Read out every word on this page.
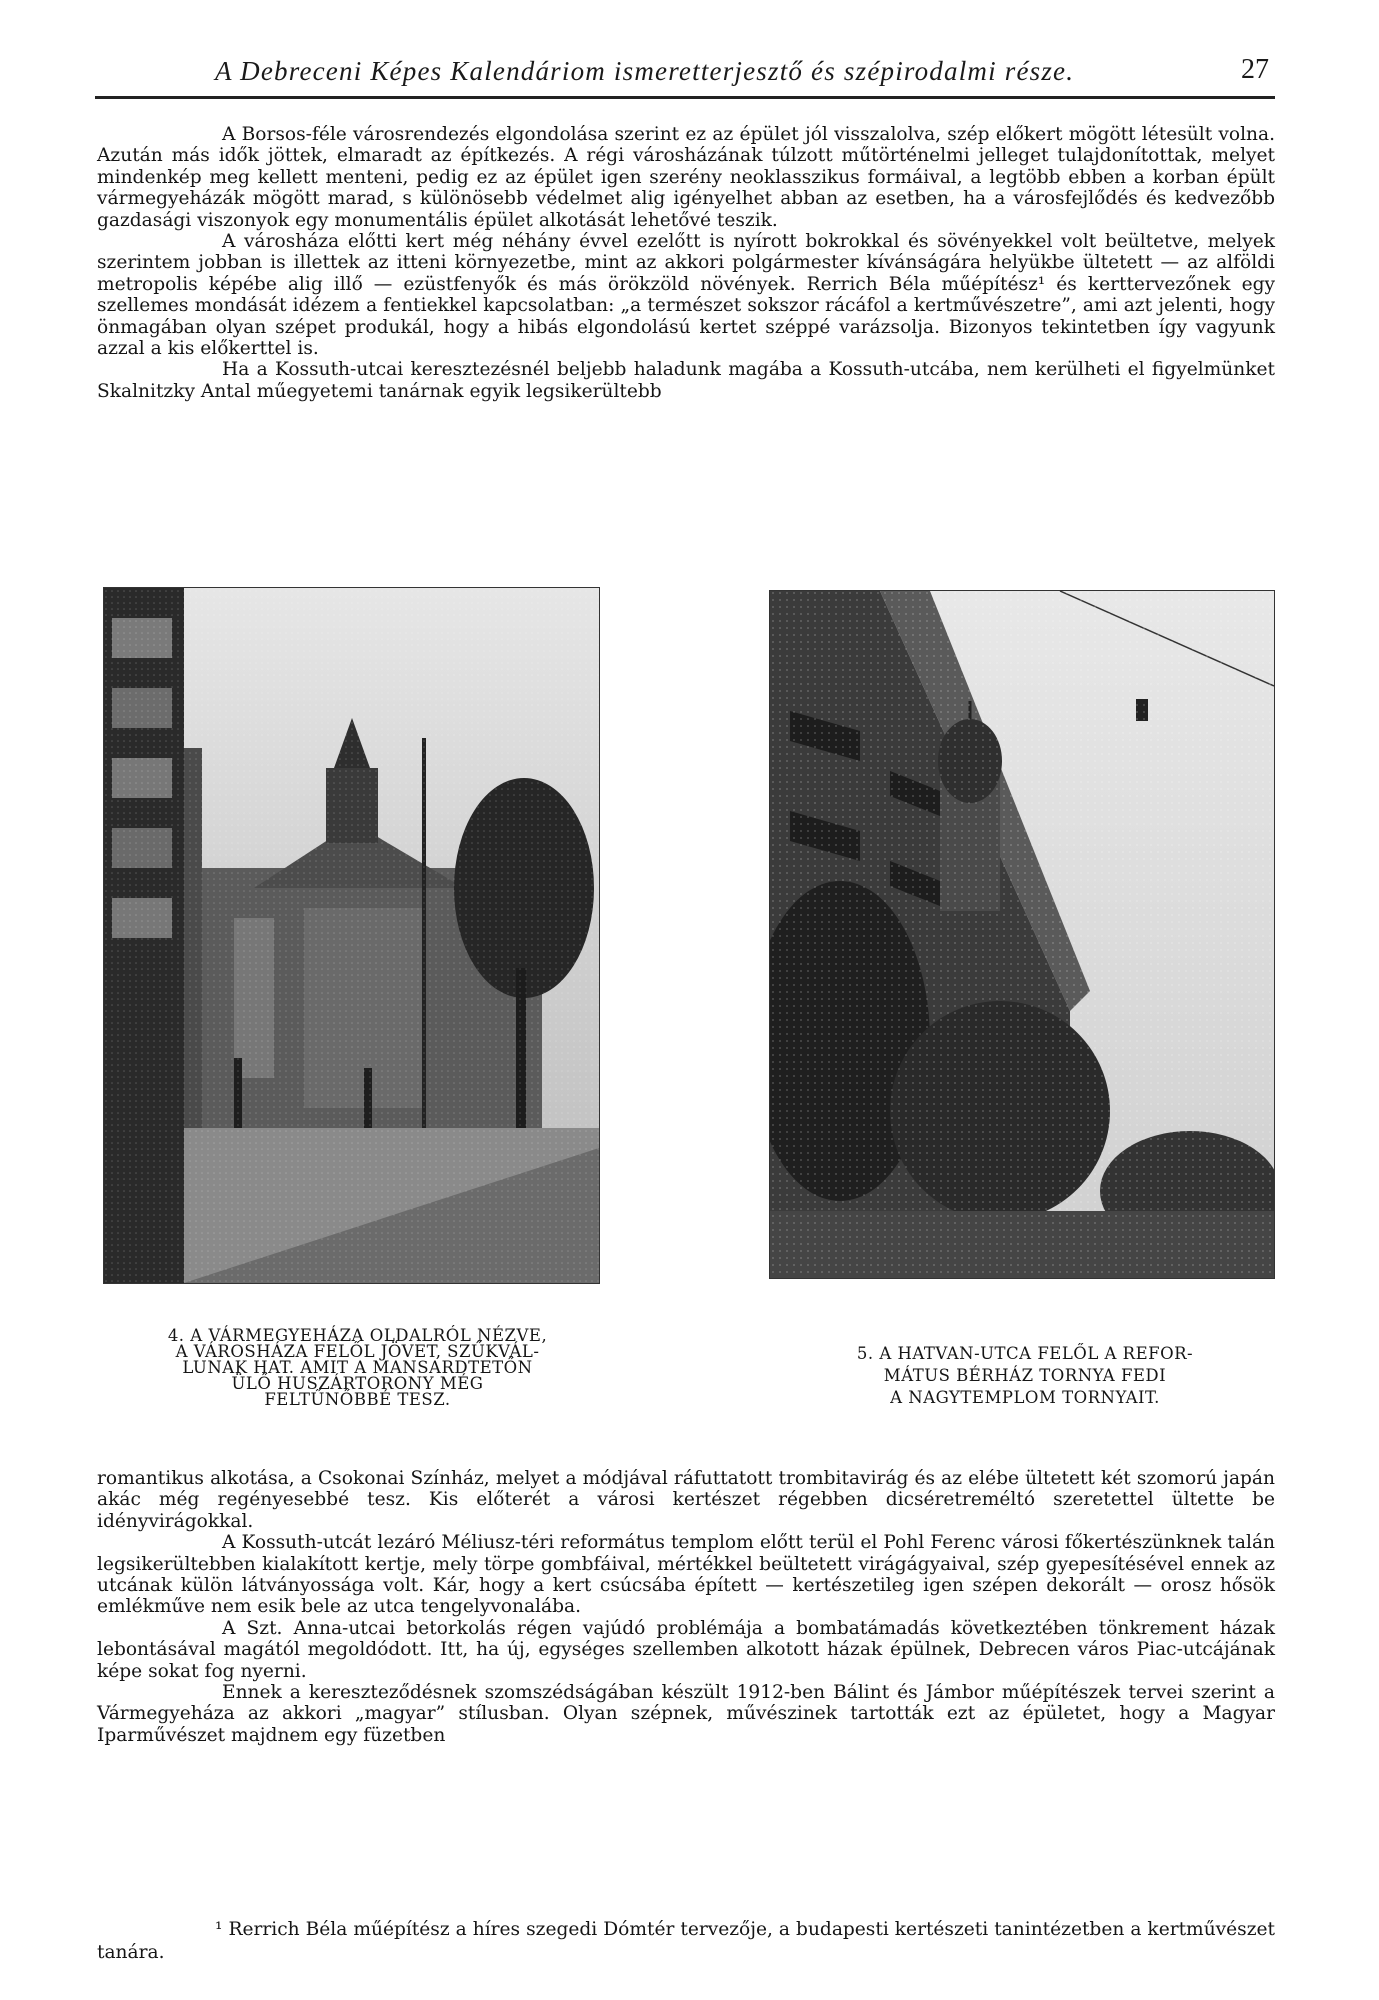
A Debreceni Képes Kalendáriom ismeretterjesztő és szépirodalmi része.	27

A Borsos-féle városrendezés elgondolása szerint ez az épület jól visszalolva, szép előkert mögött létesült volna. Azután más idők jöttek, elmaradt az építkezés. A régi városházának túlzott műtörténelmi jelleget tulajdonítottak, melyet mindenkép meg kellett menteni, pedig ez az épület igen szerény neoklasszikus formáival, a legtöbb ebben a korban épült vármegyeházák mögött marad, s különösebb védelmet alig igényelhet abban az esetben, ha a városfejlődés és kedvezőbb gazdasági viszonyok egy monumentális épület alkotását lehetővé teszik.

A városháza előtti kert még néhány évvel ezelőtt is nyírott bokrokkal és sövényekkel volt beültetve, melyek szerintem jobban is illettek az itteni környezetbe, mint az akkori polgármester kívánságára helyükbe ültetett — az alföldi metropolis képébe alig illő — ezüstfenyők és más örökzöld növények. Rerrich Béla műépítész¹ és kerttervezőnek egy szellemes mondását idézem a fentiekkel kapcsolatban: „a természet sokszor rácáfol a kertművészetre”, ami azt jelenti, hogy önmagában olyan szépet produkál, hogy a hibás elgondolású kertet széppé varázsolja. Bizonyos tekintetben így vagyunk azzal a kis előkerttel is.

Ha a Kossuth-utcai keresztezésnél beljebb haladunk magába a Kossuth-utcába, nem kerülheti el figyelmünket Skalnitzky Antal műegyetemi tanárnak egyik legsikerültebb

4. A VÁRMEGYEHÁZA OLDALRÓL NÉZVE,
A VÁROSHÁZA FELŐL JÖVET, SZŰKVÁL-
LUNAK HAT. AMIT A MANSARDTETŐN
ÜLŐ HUSZÁRTORONY MÉG
FELTŰNŐBBÉ TESZ.
5. A HATVAN-UTCA FELŐL A REFOR-
MÁTUS BÉRHÁZ TORNYA FEDI
A NAGYTEMPLOM TORNYAIT.

romantikus alkotása, a Csokonai Színház, melyet a módjával ráfuttatott trombitavirág és az elébe ültetett két szomorú japán akác még regényesebbé tesz. Kis előterét a városi kertészet régebben dicséretreméltó szeretettel ültette be idényvirágokkal.

A Kossuth-utcát lezáró Méliusz-téri református templom előtt terül el Pohl Ferenc városi főkertészünknek talán legsikerültebben kialakított kertje, mely törpe gombfáival, mértékkel beültetett virágágyaival, szép gyepesítésével ennek az utcának külön látványossága volt. Kár, hogy a kert csúcsába épített — kertészetileg igen szépen dekorált — orosz hősök emlékműve nem esik bele az utca tengelyvonalába.

A Szt. Anna-utcai betorkolás régen vajúdó problémája a bombatámadás következtében tönkrement házak lebontásával magától megoldódott. Itt, ha új, egységes szellemben alkotott házak épülnek, Debrecen város Piac-utcájának képe sokat fog nyerni.

Ennek a kereszteződésnek szomszédságában készült 1912-ben Bálint és Jámbor műépítészek tervei szerint a Vármegyeháza az akkori „magyar” stílusban. Olyan szépnek, művészinek tartották ezt az épületet, hogy a Magyar Iparművészet majdnem egy füzetben

¹ Rerrich Béla műépítész a híres szegedi Dómtér tervezője, a budapesti kertészeti tanintézetben a kertművészet tanára.
